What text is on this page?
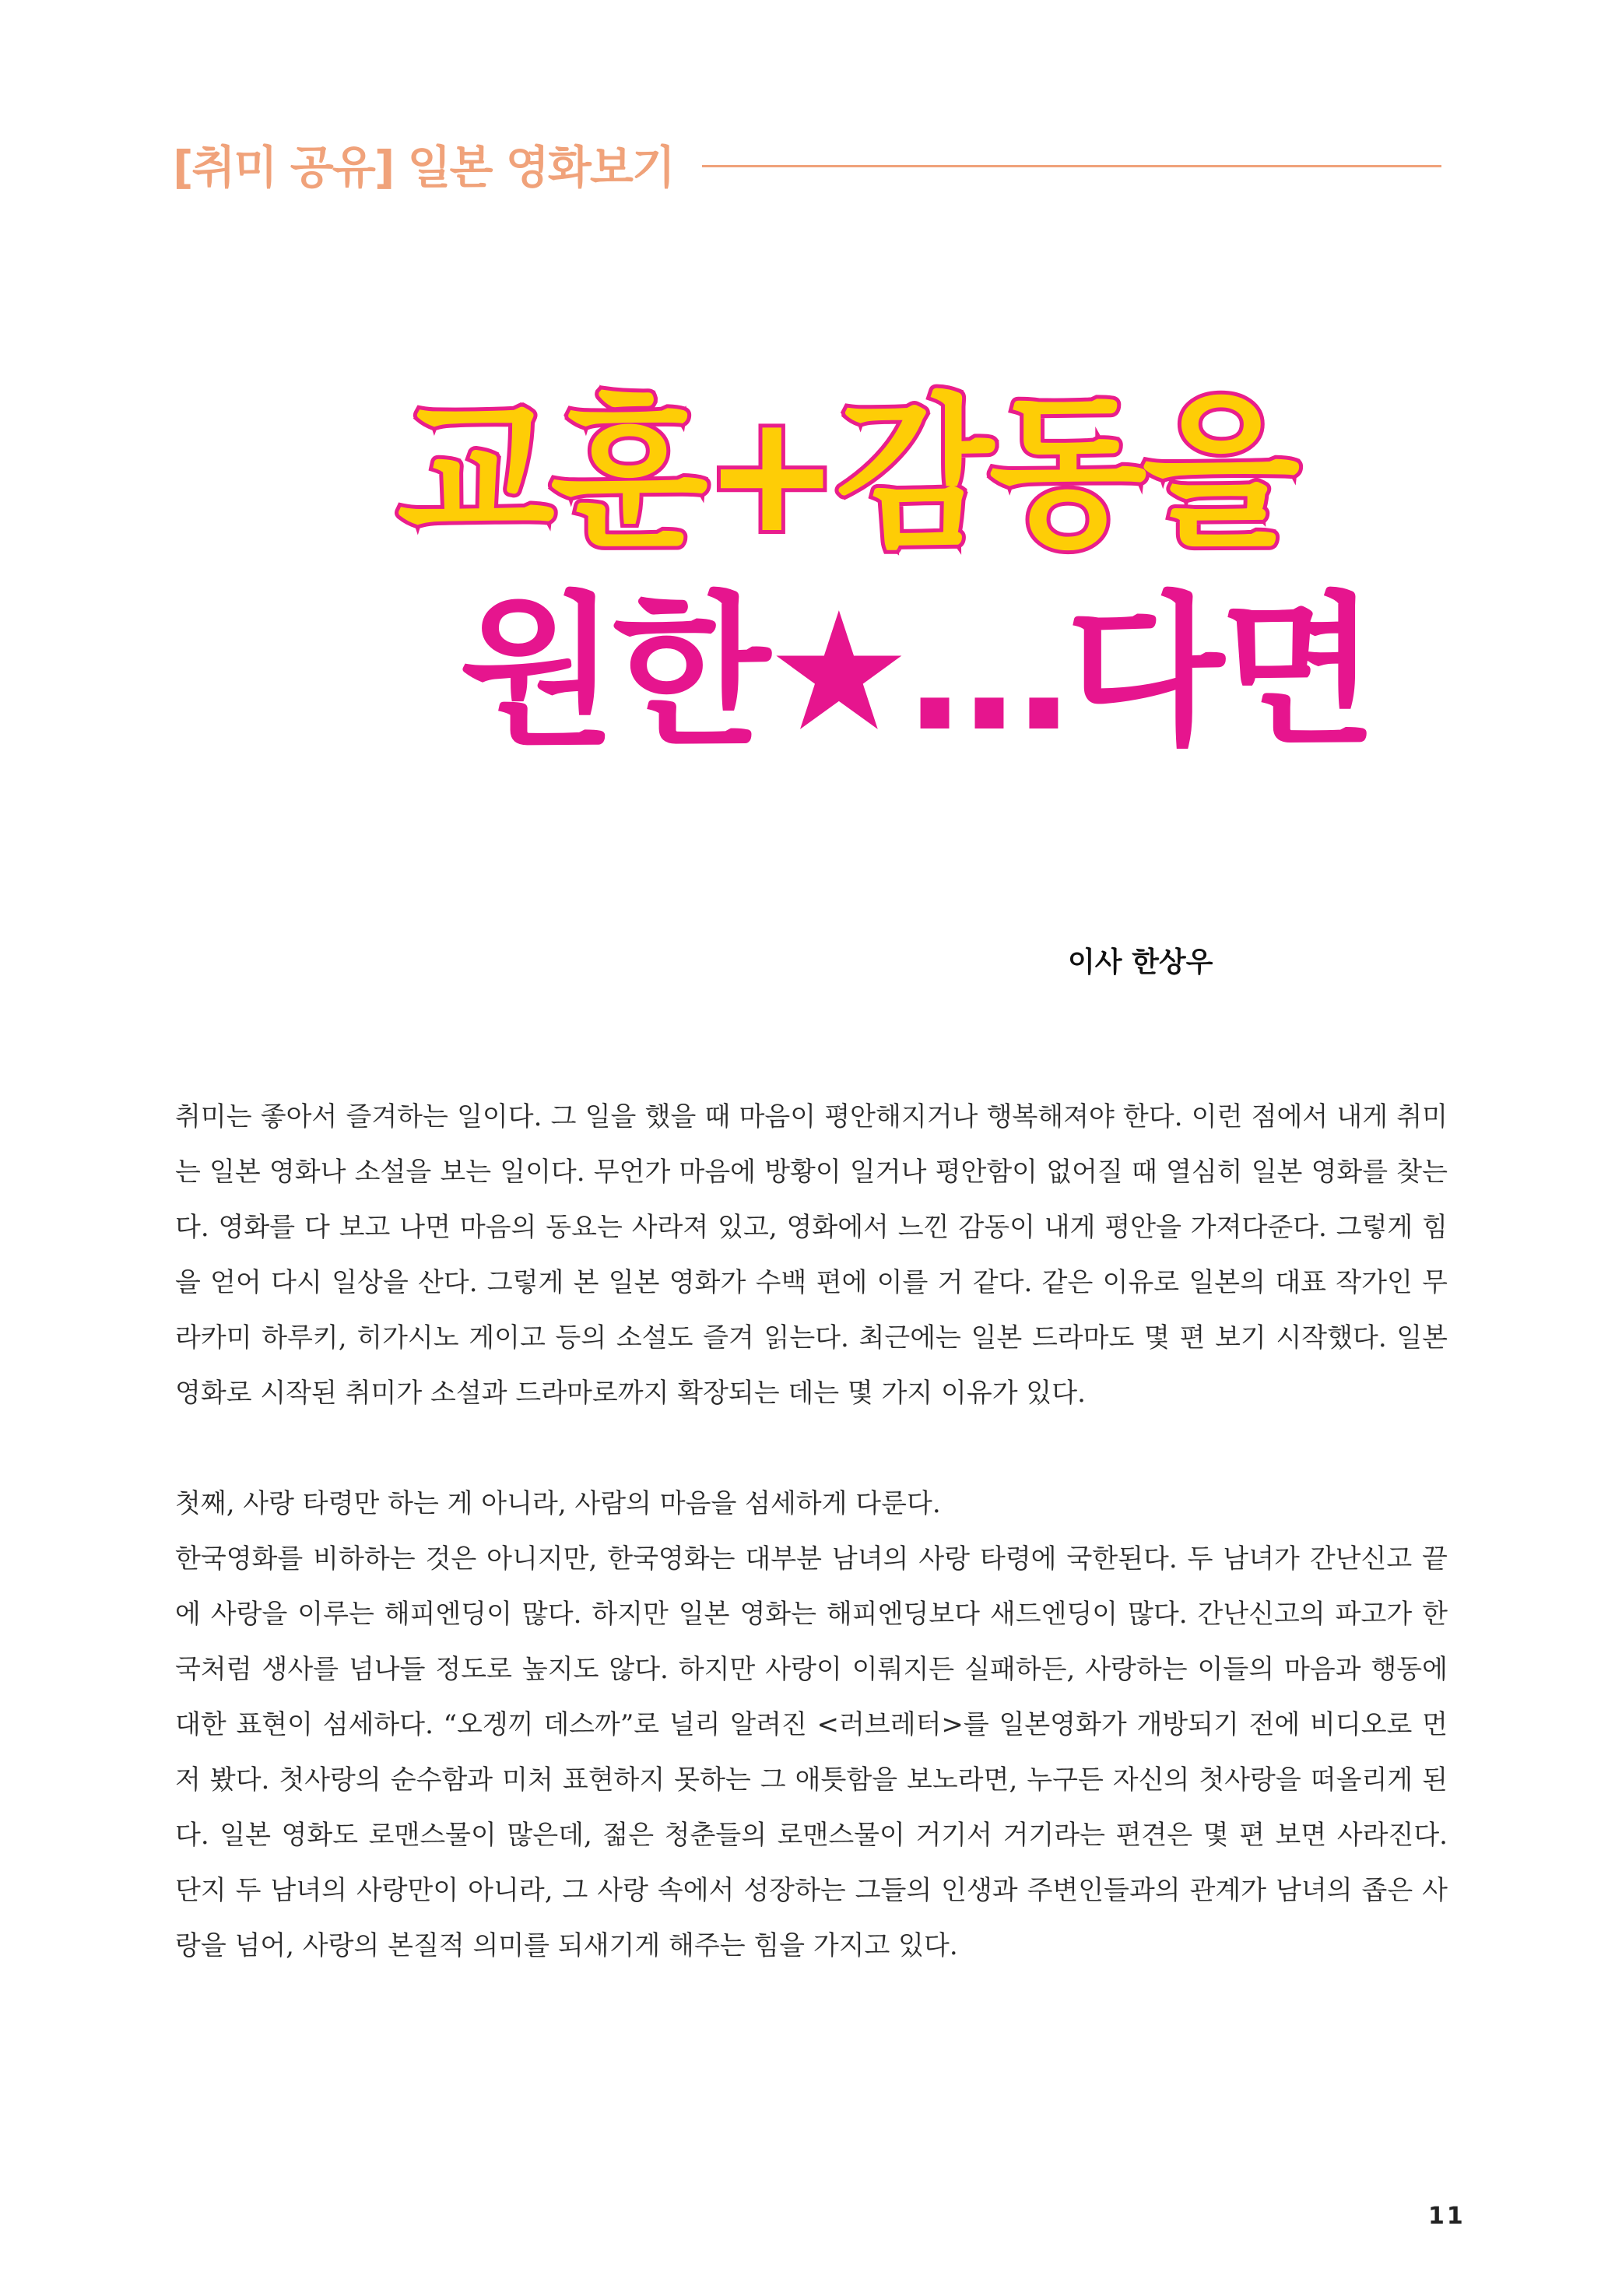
[취미 공유] 일본 영화보기
교훈+감동을
원한★…다면
이사 한상우

취미는 좋아서 즐겨하는 일이다. 그 일을 했을 때 마음이 평안해지거나 행복해져야 한다. 이런 점에서 내게 취미는 일본 영화나 소설을 보는 일이다. 무언가 마음에 방황이 일거나 평안함이 없어질 때 열심히 일본 영화를 찾는다. 영화를 다 보고 나면 마음의 동요는 사라져 있고, 영화에서 느낀 감동이 내게 평안을 가져다준다. 그렇게 힘을 얻어 다시 일상을 산다. 그렇게 본 일본 영화가 수백 편에 이를 거 같다. 같은 이유로 일본의 대표 작가인 무라카미 하루키, 히가시노 게이고 등의 소설도 즐겨 읽는다. 최근에는 일본 드라마도 몇 편 보기 시작했다. 일본 영화로 시작된 취미가 소설과 드라마로까지 확장되는 데는 몇 가지 이유가 있다.

첫째, 사랑 타령만 하는 게 아니라, 사람의 마음을 섬세하게 다룬다.

한국영화를 비하하는 것은 아니지만, 한국영화는 대부분 남녀의 사랑 타령에 국한된다. 두 남녀가 간난신고 끝에 사랑을 이루는 해피엔딩이 많다. 하지만 일본 영화는 해피엔딩보다 새드엔딩이 많다. 간난신고의 파고가 한국처럼 생사를 넘나들 정도로 높지도 않다. 하지만 사랑이 이뤄지든 실패하든, 사랑하는 이들의 마음과 행동에 대한 표현이 섬세하다. “오겡끼 데스까”로 널리 알려진 <러브레터>를 일본영화가 개방되기 전에 비디오로 먼저 봤다. 첫사랑의 순수함과 미처 표현하지 못하는 그 애틋함을 보노라면, 누구든 자신의 첫사랑을 떠올리게 된다. 일본 영화도 로맨스물이 많은데, 젊은 청춘들의 로맨스물이 거기서 거기라는 편견은 몇 편 보면 사라진다. 단지 두 남녀의 사랑만이 아니라, 그 사랑 속에서 성장하는 그들의 인생과 주변인들과의 관계가 남녀의 좁은 사랑을 넘어, 사랑의 본질적 의미를 되새기게 해주는 힘을 가지고 있다.

11
